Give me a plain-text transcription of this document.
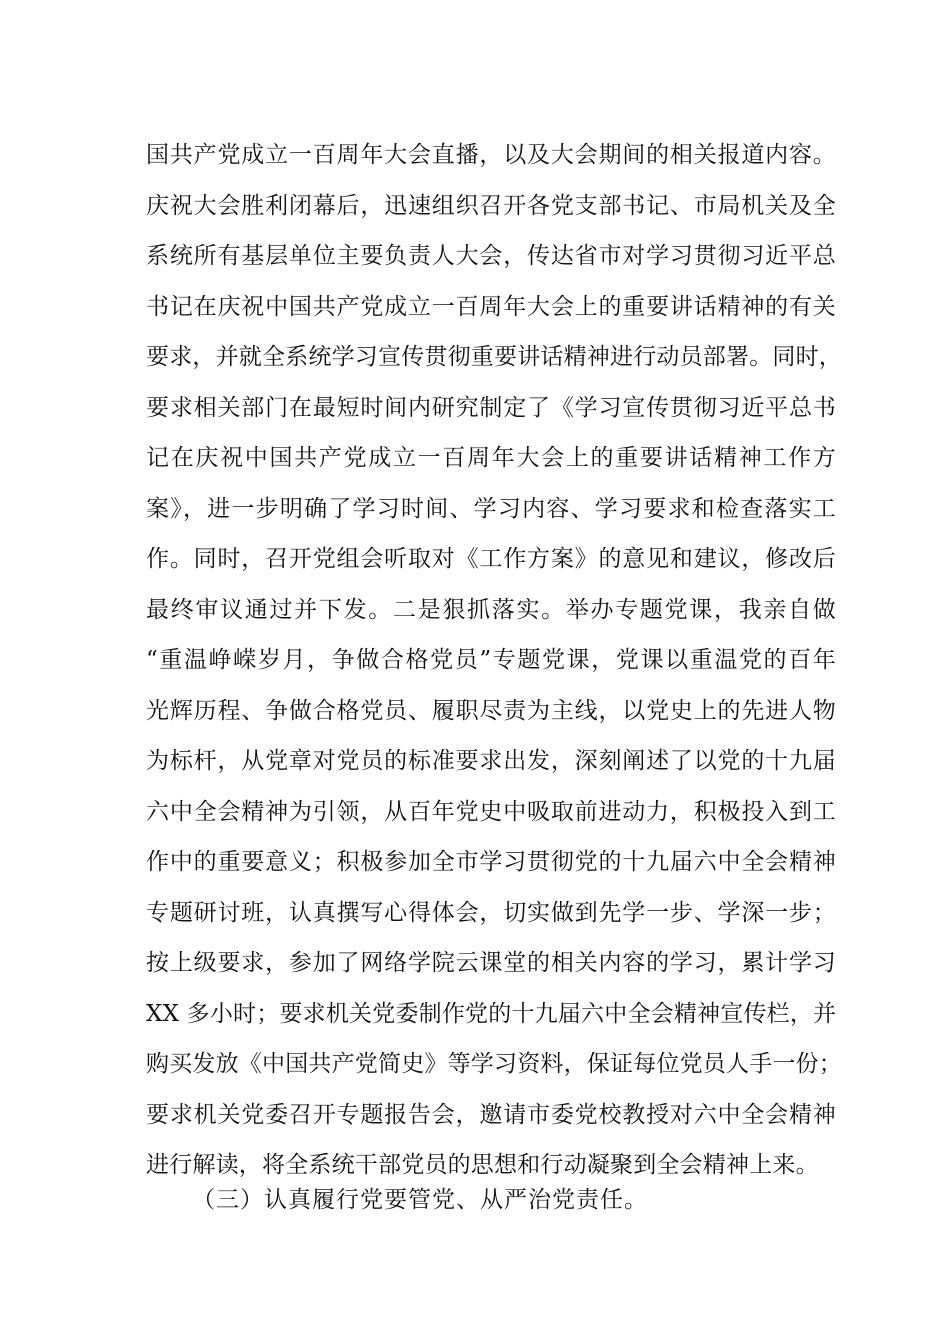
国共产党成立一百周年大会直播，以及大会期间的相关报道内容。
庆祝大会胜利闭幕后，迅速组织召开各党支部书记、市局机关及全
系统所有基层单位主要负责人大会，传达省市对学习贯彻习近平总
书记在庆祝中国共产党成立一百周年大会上的重要讲话精神的有关
要求，并就全系统学习宣传贯彻重要讲话精神进行动员部署。同时，
要求相关部门在最短时间内研究制定了《学习宣传贯彻习近平总书
记在庆祝中国共产党成立一百周年大会上的重要讲话精神工作方
案》，进一步明确了学习时间、学习内容、学习要求和检查落实工
作。同时，召开党组会听取对《工作方案》的意见和建议，修改后
最终审议通过并下发。二是狠抓落实。举办专题党课，我亲自做
“重温峥嵘岁月，争做合格党员”专题党课，党课以重温党的百年
光辉历程、争做合格党员、履职尽责为主线，以党史上的先进人物
为标杆，从党章对党员的标准要求出发，深刻阐述了以党的十九届
六中全会精神为引领，从百年党史中吸取前进动力，积极投入到工
作中的重要意义；积极参加全市学习贯彻党的十九届六中全会精神
专题研讨班，认真撰写心得体会，切实做到先学一步、学深一步；
按上级要求，参加了网络学院云课堂的相关内容的学习，累计学习
XX 多小时；要求机关党委制作党的十九届六中全会精神宣传栏，并
购买发放《中国共产党简史》等学习资料，保证每位党员人手一份；
要求机关党委召开专题报告会，邀请市委党校教授对六中全会精神
进行解读，将全系统干部党员的思想和行动凝聚到全会精神上来。
（三）认真履行党要管党、从严治党责任。
